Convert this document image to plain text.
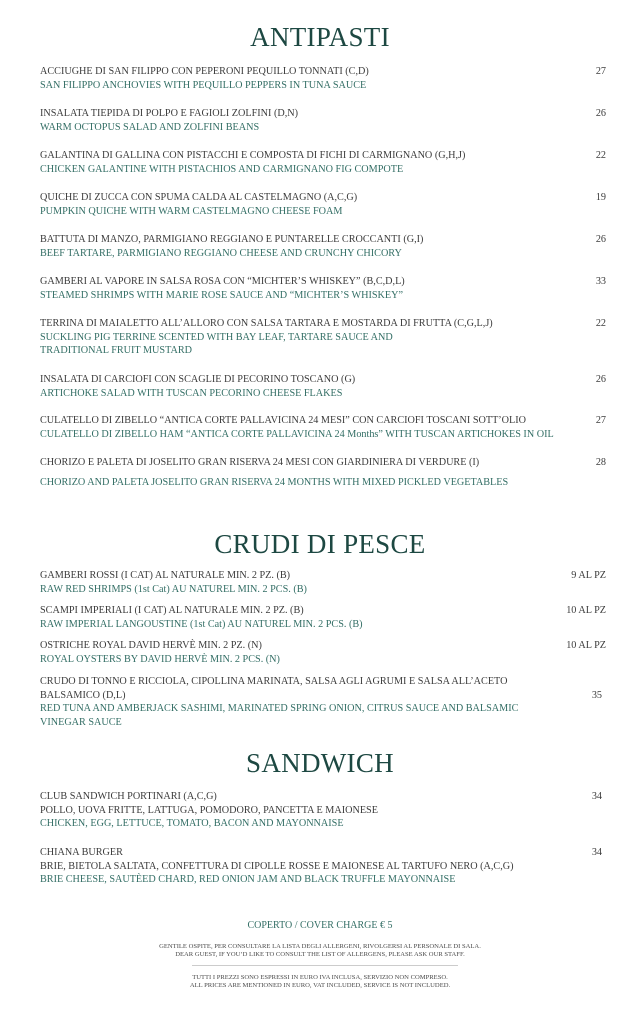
ANTIPASTI
ACCIUGHE DI SAN FILIPPO CON PEPERONI PEQUILLO TONNATI (C,D)
SAN FILIPPO ANCHOVIES WITH PEQUILLO PEPPERS IN TUNA SAUCE
27
INSALATA TIEPIDA DI POLPO E FAGIOLI ZOLFINI (D,N)
WARM OCTOPUS SALAD AND ZOLFINI BEANS
26
GALANTINA DI GALLINA CON PISTACCHI E COMPOSTA DI FICHI DI CARMIGNANO (G,H,J)
CHICKEN GALANTINE WITH PISTACHIOS AND CARMIGNANO FIG COMPOTE
22
QUICHE DI ZUCCA CON SPUMA CALDA AL CASTELMAGNO (A,C,G)
PUMPKIN QUICHE WITH WARM CASTELMAGNO CHEESE FOAM
19
BATTUTA DI MANZO, PARMIGIANO REGGIANO E PUNTARELLE CROCCANTI (G,I)
BEEF TARTARE, PARMIGIANO REGGIANO CHEESE AND CRUNCHY CHICORY
26
GAMBERI AL VAPORE IN SALSA ROSA CON “MICHTER’S WHISKEY” (B,C,D,L)
STEAMED SHRIMPS WITH MARIE ROSE SAUCE AND “MICHTER’S WHISKEY”
33
TERRINA DI MAIALETTO ALL’ALLORO CON SALSA TARTARA E MOSTARDA DI FRUTTA (C,G,L,J)
SUCKLING PIG TERRINE SCENTED WITH BAY LEAF, TARTARE SAUCE AND
TRADITIONAL FRUIT MUSTARD
22
INSALATA DI CARCIOFI CON SCAGLIE DI PECORINO TOSCANO (G)
ARTICHOKE SALAD WITH TUSCAN PECORINO CHEESE FLAKES
26
CULATELLO DI ZIBELLO “ANTICA CORTE PALLAVICINA 24 MESI” CON CARCIOFI TOSCANI SOTT’OLIO
CULATELLO DI ZIBELLO HAM “ANTICA CORTE PALLAVICINA 24 Months” WITH TUSCAN ARTICHOKES IN OIL
27
CHORIZO E PALETA DI JOSELITO GRAN RISERVA 24 MESI CON GIARDINIERA DI VERDURE (I)
CHORIZO AND PALETA JOSELITO GRAN RISERVA 24 MONTHS WITH MIXED PICKLED VEGETABLES
28
CRUDI DI PESCE
GAMBERI ROSSI (I CAT) AL NATURALE MIN. 2 PZ. (B)
RAW RED SHRIMPS (1st Cat) AU NATUREL MIN. 2 PCS. (B)
9 AL PZ
SCAMPI IMPERIALI (I CAT) AL NATURALE MIN. 2 PZ. (B)
RAW IMPERIAL LANGOUSTINE (1st Cat) AU NATUREL MIN. 2 PCS. (B)
10 AL PZ
OSTRICHE ROYAL DAVID HERVÈ MIN. 2 PZ. (N)
ROYAL OYSTERS BY DAVID HERVÈ MIN. 2 PCS. (N)
10 AL PZ
CRUDO DI TONNO E RICCIOLA, CIPOLLINA MARINATA, SALSA AGLI AGRUMI E SALSA ALL’ACETO
BALSAMICO (D,L)
RED TUNA AND AMBERJACK SASHIMI, MARINATED SPRING ONION, CITRUS SAUCE AND BALSAMIC
VINEGAR SAUCE
35
SANDWICH
CLUB SANDWICH PORTINARI (A,C,G)
POLLO, UOVA FRITTE, LATTUGA, POMODORO, PANCETTA E MAIONESE
CHICKEN, EGG, LETTUCE, TOMATO, BACON AND MAYONNAISE
34
CHIANA BURGER
BRIE, BIETOLA SALTATA, CONFETTURA DI CIPOLLE ROSSE E MAIONESE AL TARTUFO NERO (A,C,G)
BRIE CHEESE, SAUTÈED CHARD, RED ONION JAM AND BLACK TRUFFLE MAYONNAISE
34
COPERTO / COVER CHARGE € 5
GENTILE OSPITE, PER CONSULTARE LA LISTA DEGLI ALLERGENI, RIVOLGERSI AL PERSONALE DI SALA.
DEAR GUEST, IF YOU’D LIKE TO CONSULT THE LIST OF ALLERGENS, PLEASE ASK OUR STAFF.
TUTTI I PREZZI SONO ESPRESSI IN EURO IVA INCLUSA, SERVIZIO NON COMPRESO.
ALL PRICES ARE MENTIONED IN EURO, VAT INCLUDED, SERVICE IS NOT INCLUDED.
